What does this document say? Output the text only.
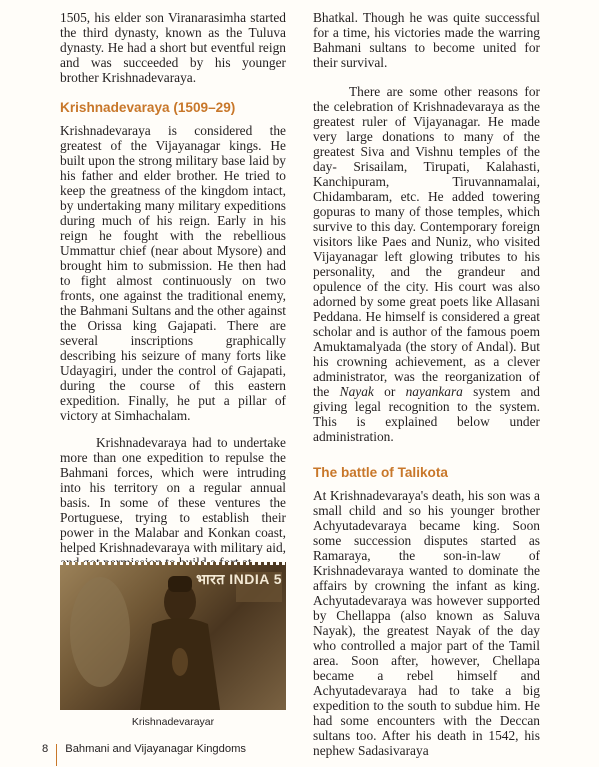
1505, his elder son Viranarasimha started the third dynasty, known as the Tuluva dynasty. He had a short but eventful reign and was succeeded by his younger brother Krishnadevaraya.

Krishnadevaraya (1509–29)

Krishnadevaraya is considered the greatest of the Vijayanagar kings. He built upon the strong military base laid by his father and elder brother. He tried to keep the greatness of the kingdom intact, by undertaking many military expeditions during much of his reign. Early in his reign he fought with the rebellious Ummattur chief (near about Mysore) and brought him to submission. He then had to fight almost continuously on two fronts, one against the traditional enemy, the Bahmani Sultans and the other against the Orissa king Gajapati. There are several inscriptions graphically describing his seizure of many forts like Udayagiri, under the control of Gajapati, during the course of this eastern expedition. Finally, he put a pillar of victory at Simhachalam.

Krishnadevaraya had to undertake more than one expedition to repulse the Bahmani forces, which were intruding into his territory on a regular annual basis. In some of these ventures the Portuguese, trying to establish their power in the Malabar and Konkan coast, helped Krishnadevaraya with military aid,

भारत INDIA 5
Krishnadevarayar

Bhatkal. Though he was quite successful for a time, his victories made the warring Bahmani sultans to become united for their survival.

There are some other reasons for the celebration of Krishnadevaraya as the greatest ruler of Vijayanagar. He made very large donations to many of the greatest Siva and Vishnu temples of the day- Srisailam, Tirupati, Kalahasti, Kanchipuram, Tiruvannamalai, Chidambaram, etc. He added towering gopuras to many of those temples, which survive to this day. Contemporary foreign visitors like Paes and Nuniz, who visited Vijayanagar left glowing tributes to his personality, and the grandeur and opulence of the city. His court was also adorned by some great poets like Allasani Peddana. He himself is considered a great scholar and is author of the famous poem Amuktamalyada (the story of Andal). But his crowning achievement, as a clever administrator, was the reorganization of the Nayak or nayankara system and giving legal recognition to the system. This is explained below under administration.

The battle of Talikota

At Krishnadevaraya's death, his son was a small child and so his younger brother Achyutadevaraya became king. Soon some succession disputes started as Ramaraya, the son-in-law of Krishnadevaraya wanted to dominate the affairs by crowning the infant as king. Achyutadevaraya was however supported by Chellappa (also known as Saluva Nayak), the greatest Nayak of the day who controlled a major part of the Tamil area. Soon after, however, Chellapa became a rebel himself and Achyutadevaraya had to take a big expedition to the south to subdue him. He had some encounters with the Deccan sultans too. After his death in 1542, his nephew Sadasivaraya

8 Bahmani and Vijayanagar Kingdoms
